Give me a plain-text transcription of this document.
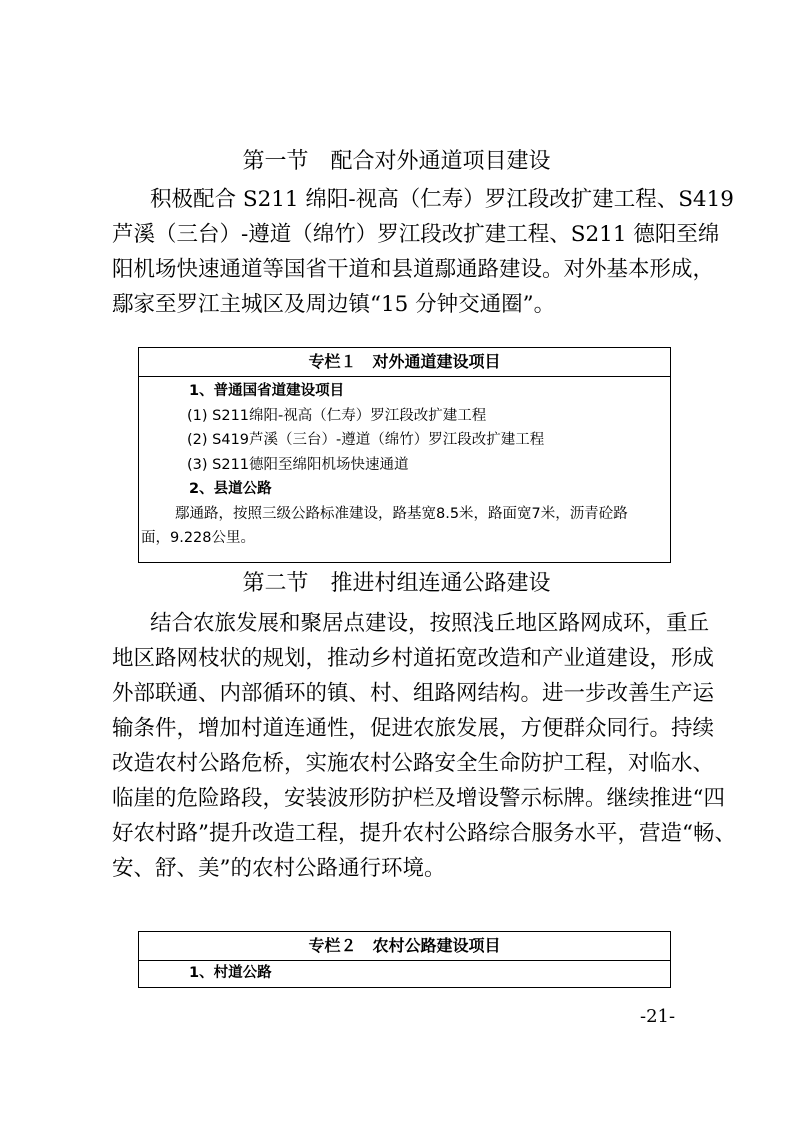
第一节　配合对外通道项目建设
积极配合 S211 绵阳-视高（仁寿）罗江段改扩建工程、S419
芦溪（三台）-遵道（绵竹）罗江段改扩建工程、S211 德阳至绵
阳机场快速通道等国省干道和县道鄢通路建设。对外基本形成，
鄢家至罗江主城区及周边镇“15 分钟交通圈”。
专栏１　对外通道建设项目
1、普通国省道建设项目
(1) S211绵阳-视高（仁寿）罗江段改扩建工程
(2) S419芦溪（三台）-遵道（绵竹）罗江段改扩建工程
(3) S211德阳至绵阳机场快速通道
2、县道公路
鄢通路，按照三级公路标准建设，路基宽8.5米，路面宽7米，沥青砼路
面，9.228公里。
第二节　推进村组连通公路建设
结合农旅发展和聚居点建设，按照浅丘地区路网成环，重丘
地区路网枝状的规划，推动乡村道拓宽改造和产业道建设，形成
外部联通、内部循环的镇、村、组路网结构。进一步改善生产运
输条件，增加村道连通性，促进农旅发展，方便群众同行。持续
改造农村公路危桥，实施农村公路安全生命防护工程，对临水、
临崖的危险路段，安装波形防护栏及增设警示标牌。继续推进“四
好农村路”提升改造工程，提升农村公路综合服务水平，营造“畅、
安、舒、美”的农村公路通行环境。
专栏２　农村公路建设项目
1、村道公路
-21-
